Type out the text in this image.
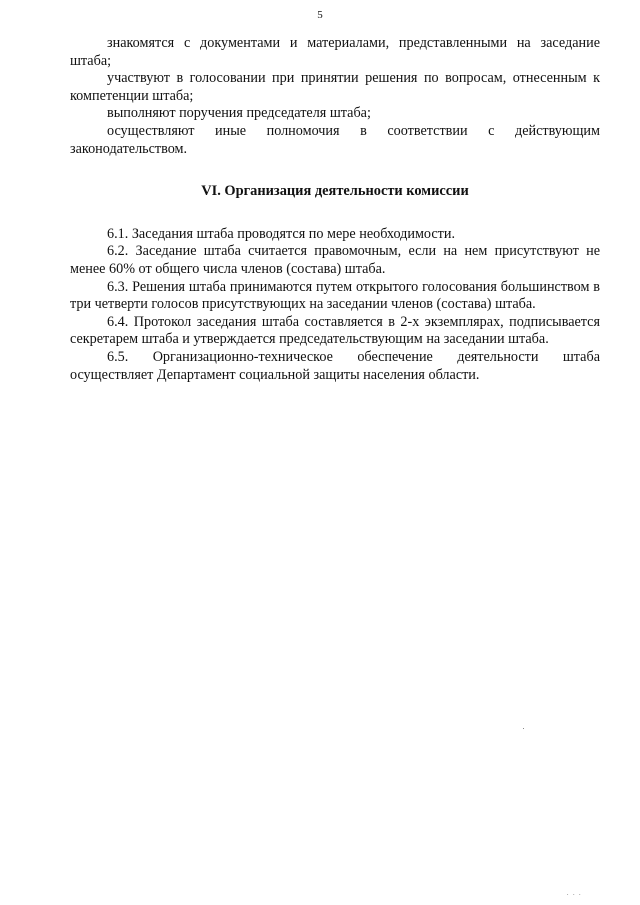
5

знакомятся с документами и материалами, представленными на заседание штаба;

участвуют в голосовании при принятии решения по вопросам, отнесенным к компетенции штаба;

выполняют поручения председателя штаба;

осуществляют иные полномочия в соответствии с действующим законодательством.

VI. Организация деятельности комиссии

6.1. Заседания штаба проводятся по мере необходимости.

6.2. Заседание штаба считается правомочным, если на нем присутствуют не менее 60% от общего числа членов (состава) штаба.

6.3. Решения штаба принимаются путем открытого голосования большинством в три четверти голосов присутствующих на заседании членов (состава) штаба.

6.4. Протокол заседания штаба составляется в 2-х экземплярах, подписывается секретарем штаба и утверждается председательствующим на заседании штаба.

6.5. Организационно-техническое обеспечение деятельности штаба осуществляет Департамент социальной защиты населения области.

· · ·
